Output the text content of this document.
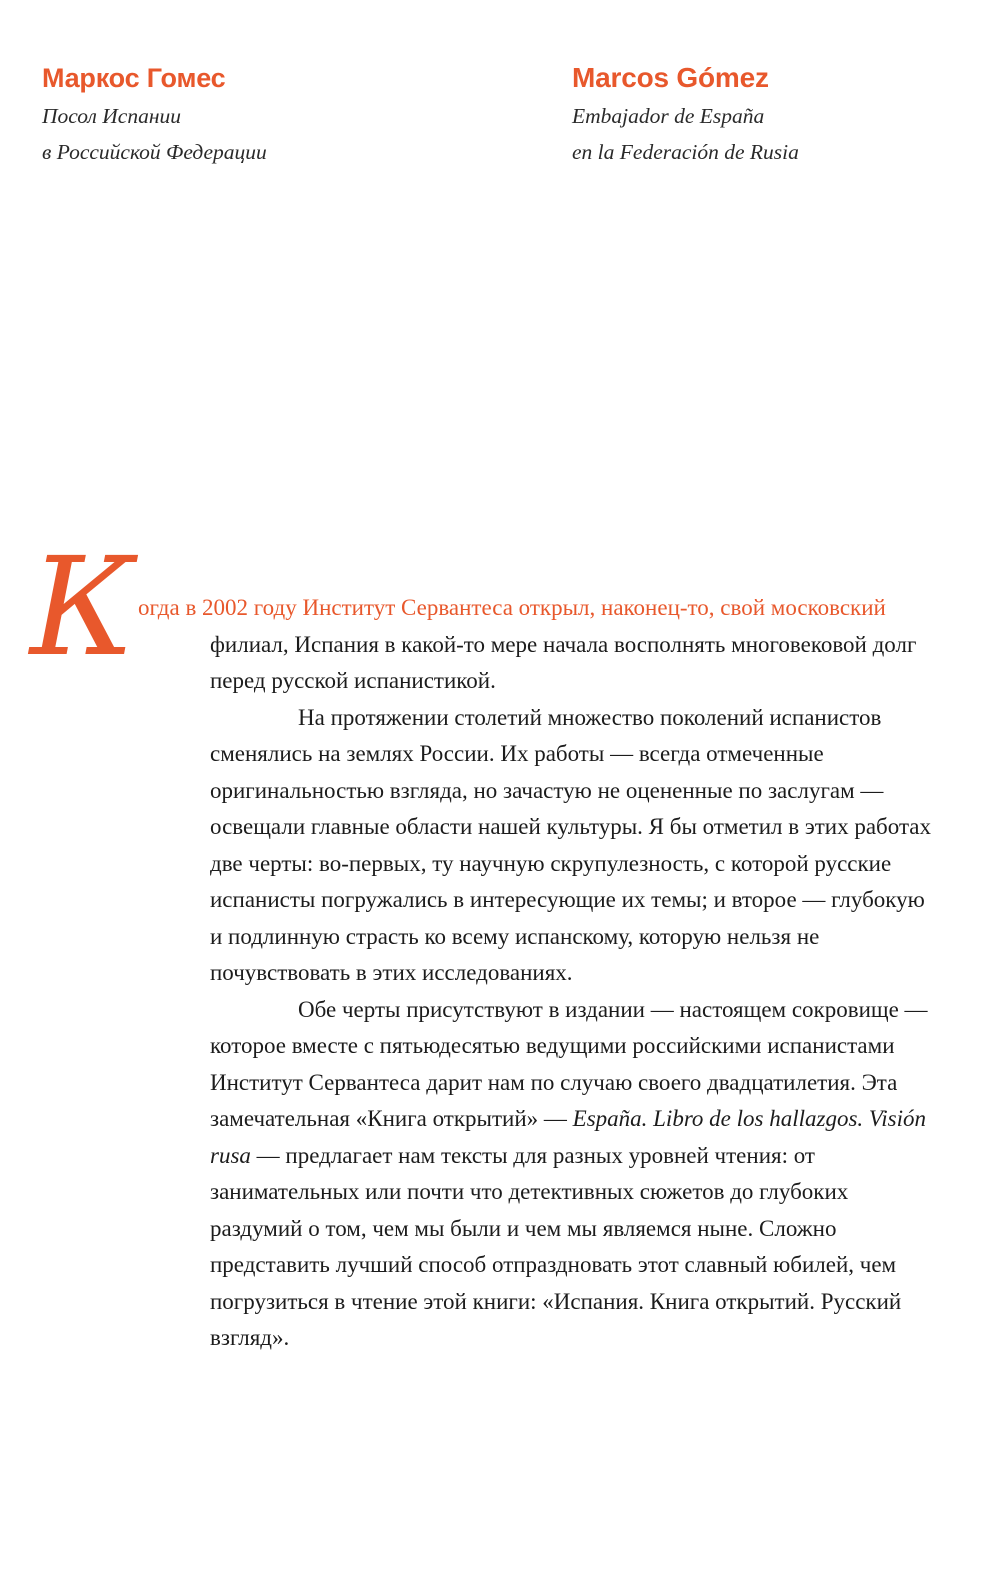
Маркос Гомес
Посол Испании
в Российской Федерации
Marcos Gómez
Embajador de España
en la Federación de Rusia
К огда в 2002 году Институт Сервантеса открыл, наконец-то, свой московский
филиал, Испания в какой-то мере начала восполнять многовековой долг перед русской испанистикой.

На протяжении столетий множество поколений испанистов сменялись на землях России. Их работы — всегда отмеченные оригинальностью взгляда, но зачастую не оцененные по заслугам — освещали главные области нашей культуры. Я бы отметил в этих работах две черты: во-первых, ту научную скрупулезность, с которой русские испанисты погружались в интересующие их темы; и второе — глубокую и подлинную страсть ко всему испанскому, которую нельзя не почувствовать в этих исследованиях.

Обе черты присутствуют в издании — настоящем сокровище — которое вместе с пятьюдесятью ведущими российскими испанистами Институт Сервантеса дарит нам по случаю своего двадцатилетия. Эта замечательная «Книга открытий» — España. Libro de los hallazgos. Visión rusa — предлагает нам тексты для разных уровней чтения: от занимательных или почти что детективных сюжетов до глубоких раздумий о том, чем мы были и чем мы являемся ныне. Сложно представить лучший способ отпраздновать этот славный юбилей, чем погрузиться в чтение этой книги: «Испания. Книга открытий. Русский взгляд».
